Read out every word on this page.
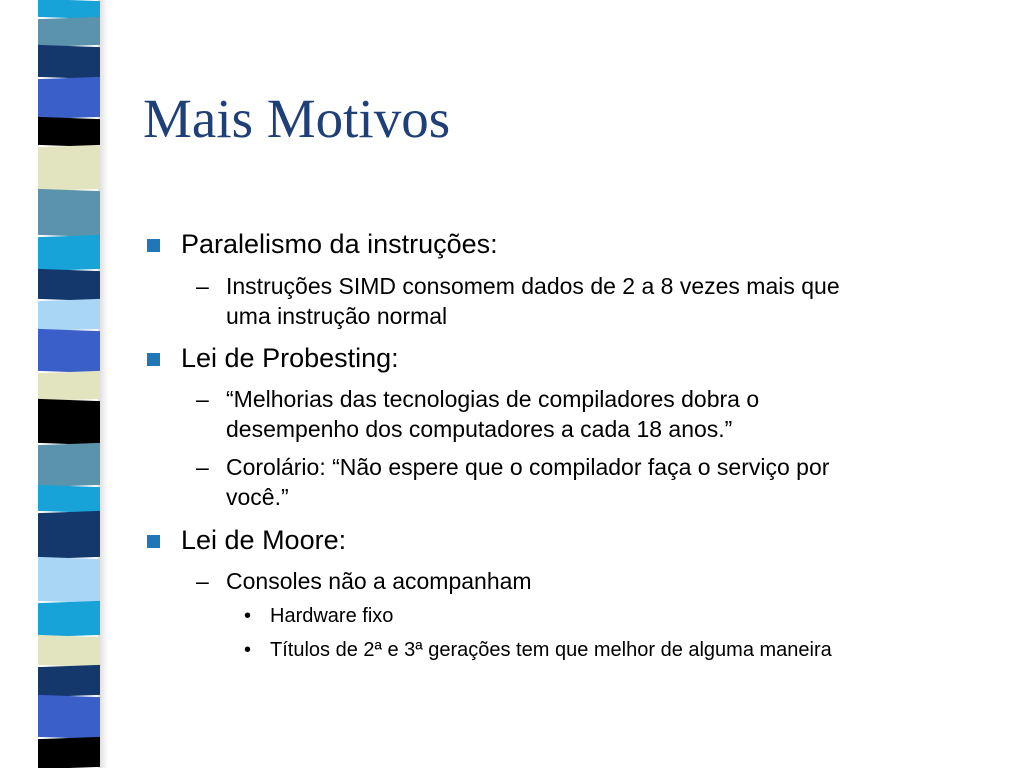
Mais Motivos
Paralelismo da instruções:
– Instruções SIMD consomem dados de 2 a 8 vezes mais que
uma instrução normal
Lei de Probesting:
– “Melhorias das tecnologias de compiladores dobra o
desempenho dos computadores a cada 18 anos.”
– Corolário: “Não espere que o compilador faça o serviço por
você.”
Lei de Moore:
– Consoles não a acompanham
• Hardware fixo
• Títulos de 2ª e 3ª gerações tem que melhor de alguma maneira
